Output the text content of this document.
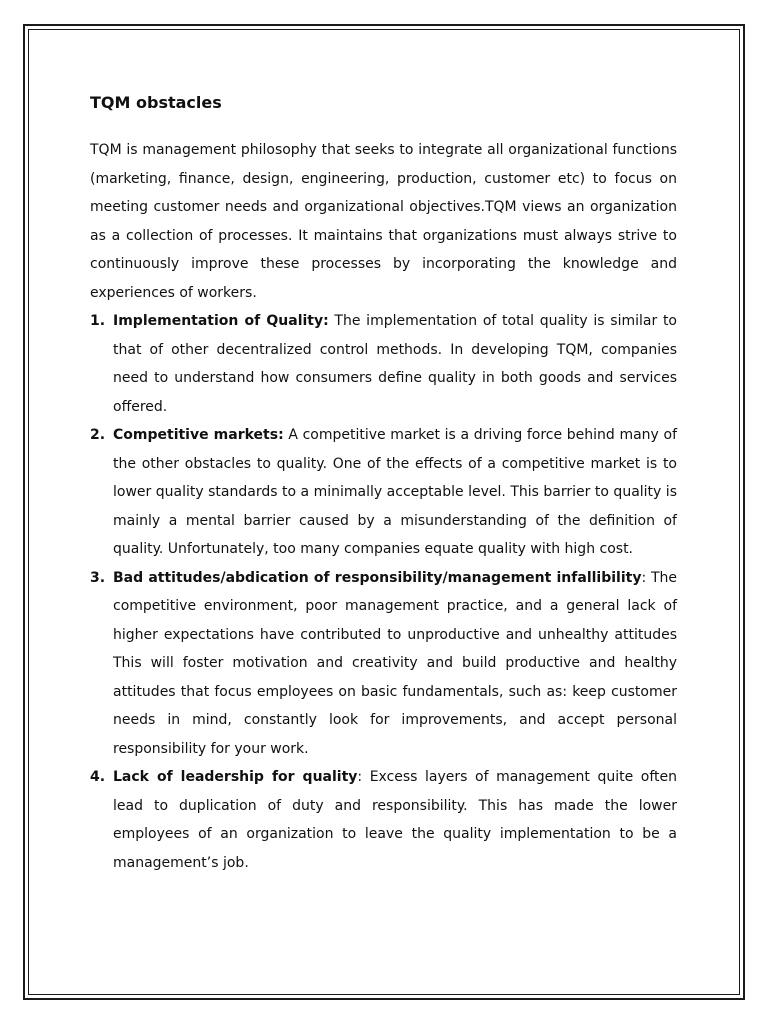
TQM obstacles

TQM is management philosophy that seeks to integrate all organizational functions (marketing, finance, design, engineering, production, customer etc) to focus on meeting customer needs and organizational objectives.TQM views an organization as a collection of processes. It maintains that organizations must always strive to continuously improve these processes by incorporating the knowledge and experiences of workers.

1. Implementation of Quality: The implementation of total quality is similar to that of other decentralized control methods. In developing TQM, companies need to understand how consumers define quality in both goods and services offered.
2. Competitive markets: A competitive market is a driving force behind many of the other obstacles to quality. One of the effects of a competitive market is to lower quality standards to a minimally acceptable level. This barrier to quality is mainly a mental barrier caused by a misunderstanding of the definition of quality. Unfortunately, too many companies equate quality with high cost.
3. Bad attitudes/abdication of responsibility/management infallibility: The competitive environment, poor management practice, and a general lack of higher expectations have contributed to unproductive and unhealthy attitudes This will foster motivation and creativity and build productive and healthy attitudes that focus employees on basic fundamentals, such as: keep customer needs in mind, constantly look for improvements, and accept personal responsibility for your work.
4. Lack of leadership for quality: Excess layers of management quite often lead to duplication of duty and responsibility. This has made the lower employees of an organization to leave the quality implementation to be a management’s job.
